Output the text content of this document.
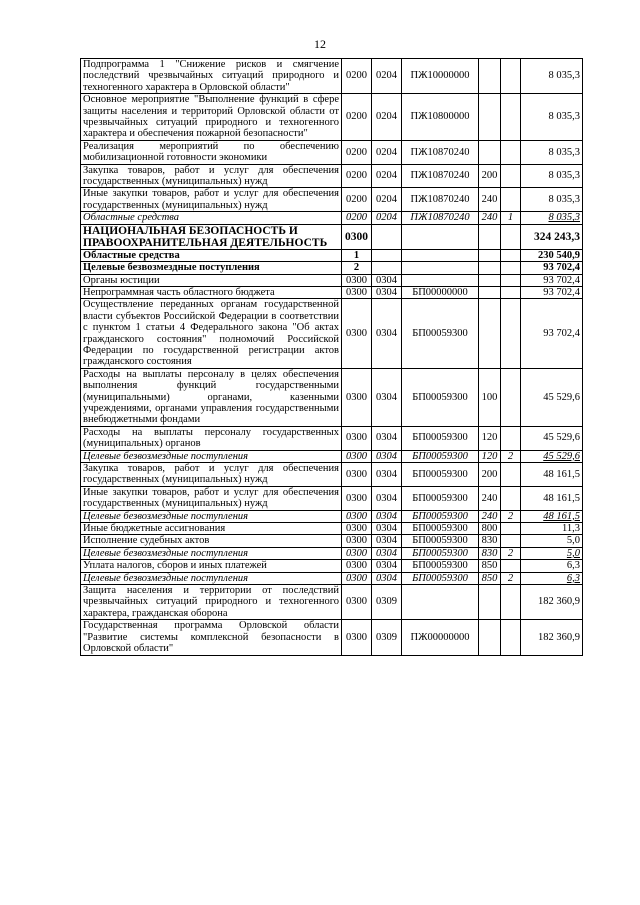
12
Подпрограмма 1 "Снижение рисков и смягчение последствий чрезвычайных ситуаций природного и техногенного характера в Орловской области"	0200	0204	ПЖ10000000			8 035,3
Основное мероприятие "Выполнение функций в сфере защиты населения и территорий Орловской области от чрезвычайных ситуаций природного и техногенного характера и обеспечения пожарной безопасности"	0200	0204	ПЖ10800000			8 035,3
Реализация мероприятий по обеспечению мобилизационной готовности экономики	0200	0204	ПЖ10870240			8 035,3
Закупка товаров, работ и услуг для обеспечения государственных (муниципальных) нужд	0200	0204	ПЖ10870240	200		8 035,3
Иные закупки товаров, работ и услуг для обеспечения государственных (муниципальных) нужд	0200	0204	ПЖ10870240	240		8 035,3
Областные средства	0200	0204	ПЖ10870240	240	1	8 035,3
НАЦИОНАЛЬНАЯ БЕЗОПАСНОСТЬ И ПРАВООХРАНИТЕЛЬНАЯ ДЕЯТЕЛЬНОСТЬ	0300					324 243,3
Областные средства	1					230 540,9
Целевые безвозмездные поступления	2					93 702,4
Органы юстиции	0300	0304				93 702,4
Непрограммная часть областного бюджета	0300	0304	БП00000000			93 702,4
Осуществление переданных органам государственной власти субъектов Российской Федерации в соответствии с пунктом 1 статьи 4 Федерального закона "Об актах гражданского состояния" полномочий Российской Федерации по государственной регистрации актов гражданского состояния	0300	0304	БП00059300			93 702,4
Расходы на выплаты персоналу в целях обеспечения выполнения функций государственными (муниципальными) органами, казенными учреждениями, органами управления государственными внебюджетными фондами	0300	0304	БП00059300	100		45 529,6
Расходы на выплаты персоналу государственных (муниципальных) органов	0300	0304	БП00059300	120		45 529,6
Целевые безвозмездные поступления	0300	0304	БП00059300	120	2	45 529,6
Закупка товаров, работ и услуг для обеспечения государственных (муниципальных) нужд	0300	0304	БП00059300	200		48 161,5
Иные закупки товаров, работ и услуг для обеспечения государственных (муниципальных) нужд	0300	0304	БП00059300	240		48 161,5
Целевые безвозмездные поступления	0300	0304	БП00059300	240	2	48 161,5
Иные бюджетные ассигнования	0300	0304	БП00059300	800		11,3
Исполнение судебных актов	0300	0304	БП00059300	830		5,0
Целевые безвозмездные поступления	0300	0304	БП00059300	830	2	5,0
Уплата налогов, сборов и иных платежей	0300	0304	БП00059300	850		6,3
Целевые безвозмездные поступления	0300	0304	БП00059300	850	2	6,3
Защита населения и территории от последствий чрезвычайных ситуаций природного и техногенного характера, гражданская оборона	0300	0309				182 360,9
Государственная программа Орловской области "Развитие системы комплексной безопасности в Орловской области"	0300	0309	ПЖ00000000			182 360,9
